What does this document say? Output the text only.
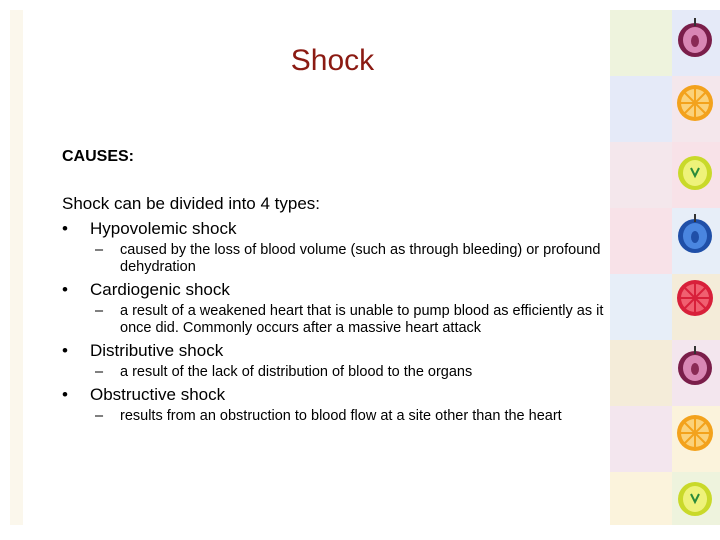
Shock
CAUSES:
Shock can be divided into 4 types:
• Hypovolemic shock
– caused by the loss of blood volume (such as through bleeding) or profound dehydration
• Cardiogenic shock
– a result of a weakened heart that is unable to pump blood as efficiently as it once did. Commonly occurs after a massive heart attack
• Distributive shock
– a result of the lack of distribution of blood to the organs
• Obstructive shock
– results from an obstruction to blood flow at a site other than the heart
